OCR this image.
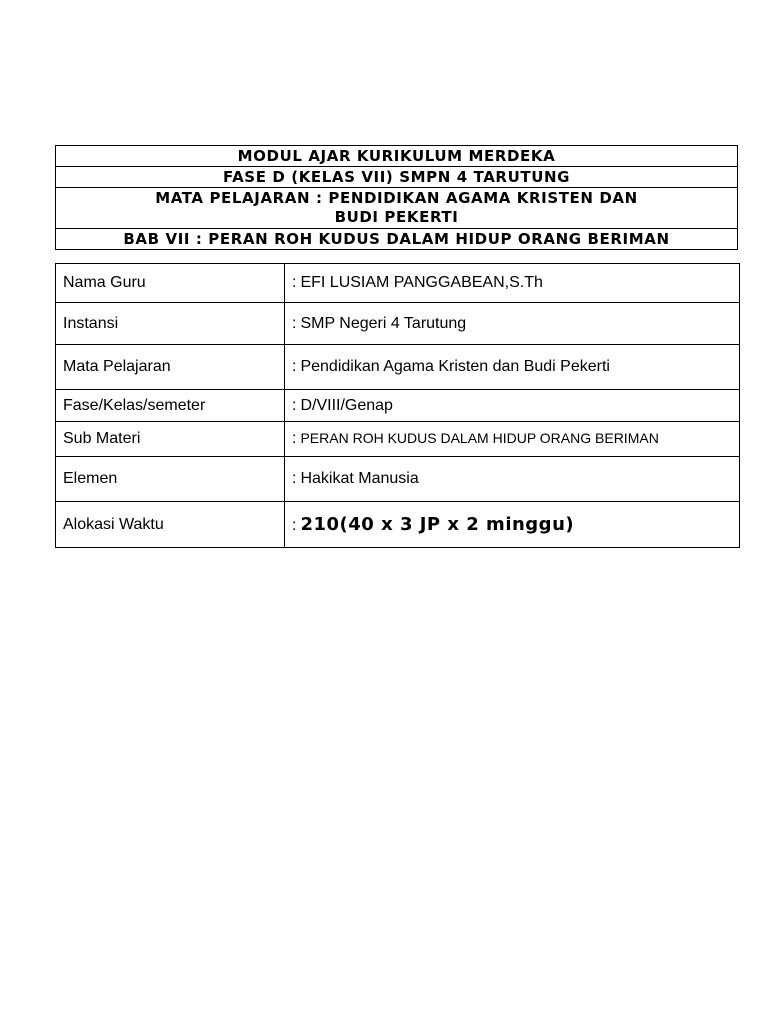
MODUL AJAR KURIKULUM MERDEKA
FASE D (KELAS VII) SMPN 4 TARUTUNG

MATA PELAJARAN : PENDIDIKAN AGAMA KRISTEN DAN
BUDI PEKERTI

BAB VII : PERAN ROH KUDUS DALAM HIDUP ORANG BERIMAN
Nama Guru	: EFI LUSIAM PANGGABEAN,S.Th
Instansi	: SMP Negeri 4 Tarutung
Mata Pelajaran	: Pendidikan Agama Kristen dan Budi Pekerti
Fase/Kelas/semeter	: D/VIII/Genap
Sub Materi	: PERAN ROH KUDUS DALAM HIDUP ORANG BERIMAN
Elemen	: Hakikat Manusia
Alokasi Waktu	: 210(40 x 3 JP x 2 minggu)
